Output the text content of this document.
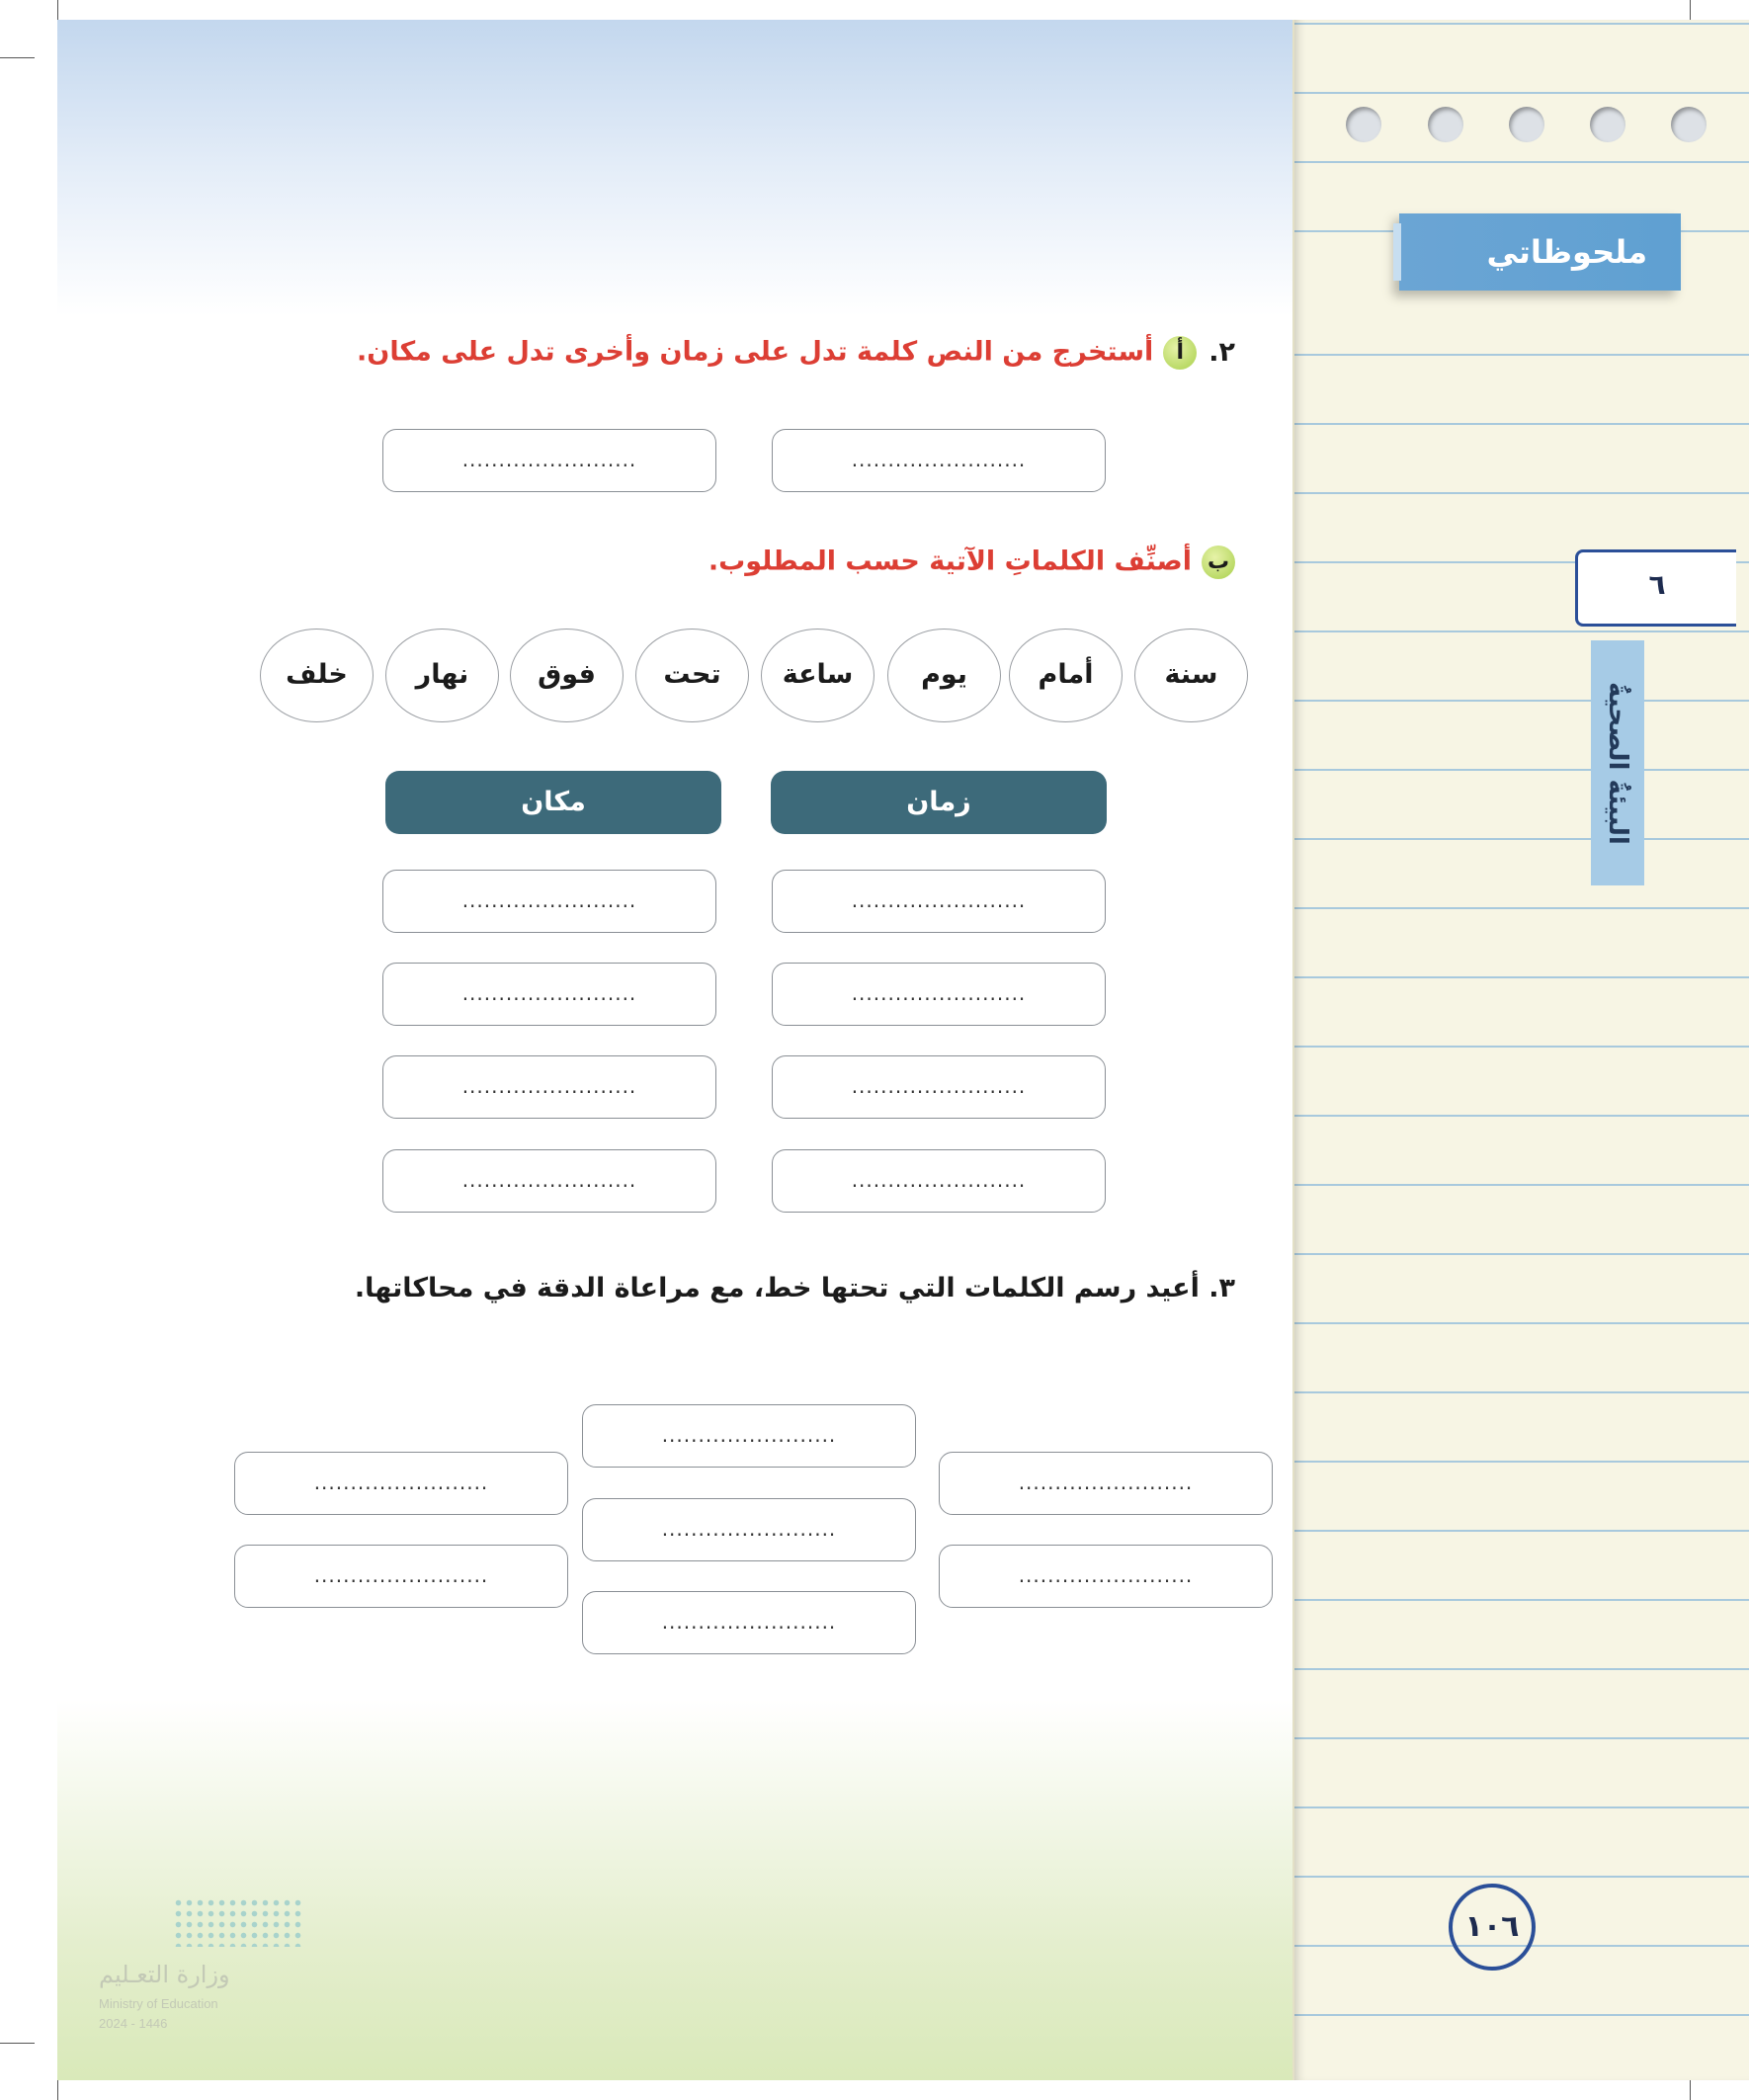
ملحوظاتي
٦
البيئةُ الصحيةُ
١٠٦
٢.أأستخرج من النص كلمة تدل على زمان وأخرى تدل على مكان.
........................
........................
بأصنِّف الكلماتِ الآتية حسب المطلوب.
سنة
أمام
يوم
ساعة
تحت
فوق
نهار
خلف
زمان
مكان
........................
........................
........................
........................
........................
........................
........................
........................
٣. أعيد رسم الكلمات التي تحتها خط، مع مراعاة الدقة في محاكاتها.
........................
........................
........................
........................
........................
........................
........................
وزارة التعـليم
Ministry of Education
2024 - 1446
